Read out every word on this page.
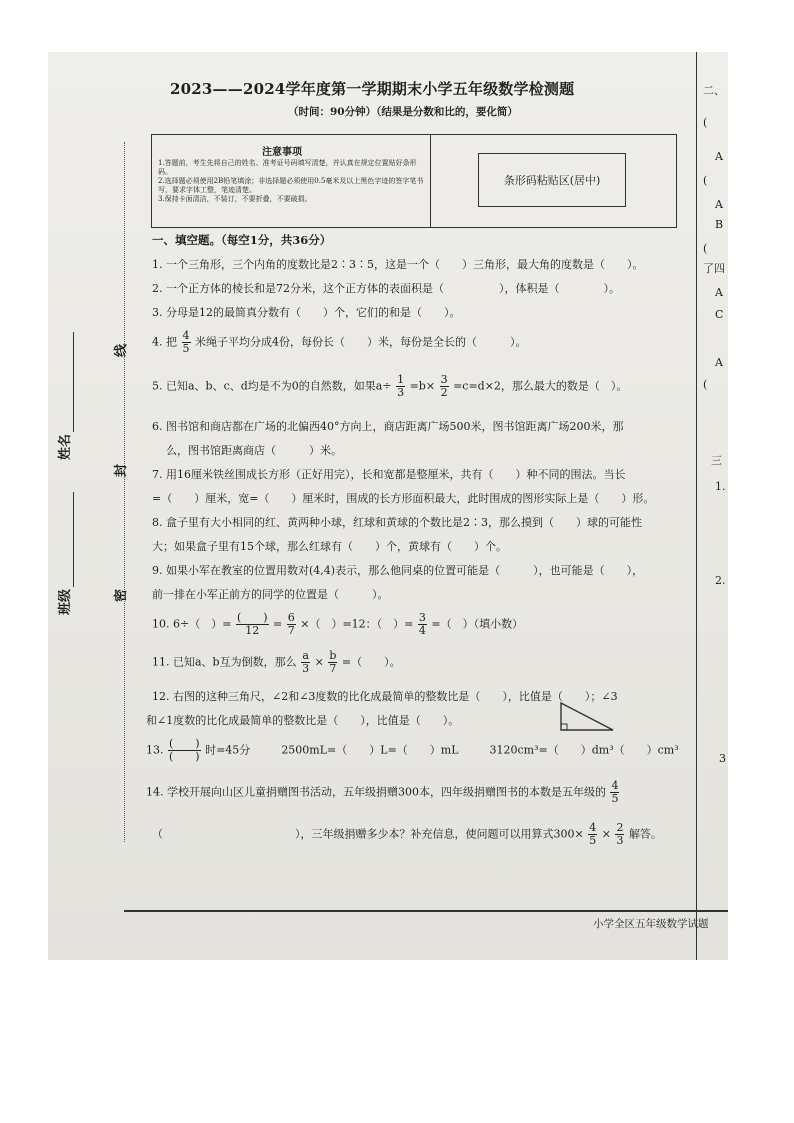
2023——2024学年度第一学期期末小学五年级数学检测题
（时间：90分钟）（结果是分数和比的，要化简）
注意事项
1.答题前，考生先将自己的姓名、准考证号码填写清楚，并认真在规定位置贴好条形码。
2.选择题必须使用2B铅笔填涂；非选择题必须使用0.5毫米及以上黑色字迹的签字笔书写，要求字体工整，笔迹清楚。
3.保持卡面清洁，不装订，不要折叠，不要破损。
条形码粘贴区(居中)
姓名
班级
线
封
密
一、填空题。（每空1分，共36分）
1. 一个三角形，三个内角的度数比是2∶3∶5，这是一个（　　）三角形，最大角的度数是（　　）。
2. 一个正方体的棱长和是72分米，这个正方体的表面积是（　　　　　），体积是（　　　　）。
3. 分母是12的最简真分数有（　　）个，它们的和是（　　）。
4. 把 $\frac{4}{5}$ 米绳子平均分成4份，每份长（　　）米，每份是全长的（　　　）。
5. 已知a、b、c、d均是不为0的自然数，如果$a\div \frac{1}{3} =b\times \frac{3}{2} =c=d\times 2$，那么最大的数是（　）。
6. 图书馆和商店都在广场的北偏西40°方向上，商店距离广场500米，图书馆距离广场200米，那
么，图书馆距离商店（　　　）米。
7. 用16厘米铁丝围成长方形（正好用完），长和宽都是整厘米，共有（　　）种不同的围法。当长
=（　　）厘米，宽=（　　）厘米时，围成的长方形面积最大，此时围成的图形实际上是（　　）形。
8. 盒子里有大小相同的红、黄两种小球，红球和黄球的个数比是2∶3，那么摸到（　　）球的可能性
大；如果盒子里有15个球，那么红球有（　　）个，黄球有（　　）个。
9. 如果小军在教室的位置用数对(4,4)表示，那么他同桌的位置可能是（　　　），也可能是（　　），
前一排在小军正前方的同学的位置是（　　　）。
10. 6÷（　）= $\frac{( )}{12} = \frac{6}{7}$ ×（　）=12：（　）= $\frac{3}{4}$ =（　）（填小数）
11. 已知a、b互为倒数，那么 $\frac{a}{3} \times \frac{b}{7}$ =（　　）。
12. 右图的这种三角尺，∠2和∠3度数的比化成最简单的整数比是（　　），比值是（　　）；∠3
和∠1度数的比化成最简单的整数比是（　　），比值是（　　）。
13. $\frac{( )}{( )}$ 时=45分	2500mL=（　　）L=（　　）mL	3120cm³=（　　）dm³（　　）cm³
14. 学校开展向山区儿童捐赠图书活动，五年级捐赠300本，四年级捐赠图书的本数是五年级的 $\frac{4}{5}$
（　　　　　　　　　　　　），三年级捐赠多少本？补充信息，使问题可以用算式$300\times \frac{4}{5} \times \frac{2}{3}$ 解答。
二、
(　
A
(　
A
B
(　
了四
A
C
A
(
三
1.
2.
3
小学全区五年级数学试题
